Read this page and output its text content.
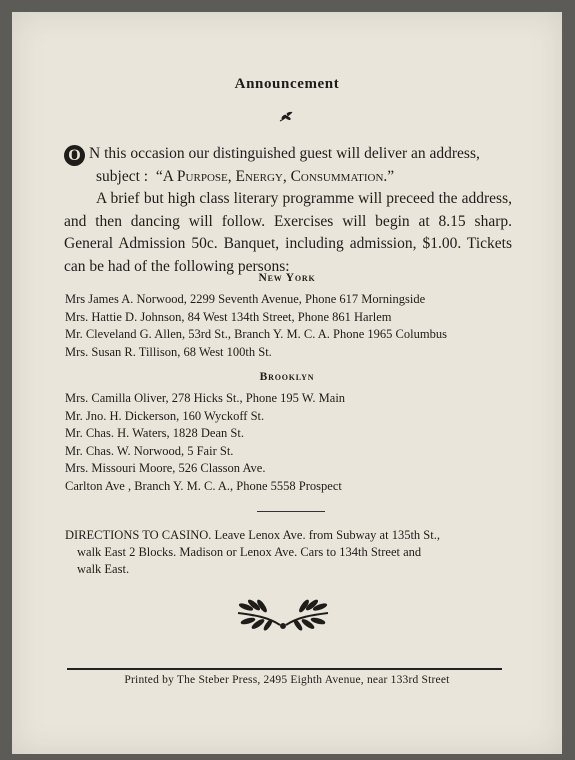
Announcement
O N this occasion our distinguished guest will deliver an address,

subject : “A Purpose, Energy, Consummation.”

A brief but high class literary programme will preceed the address, and then dancing will follow. Exercises will begin at 8.15 sharp. General Admission 50c. Banquet, including admission, $1.00. Tickets can be had of the following persons:

New York
Mrs James A. Norwood, 2299 Seventh Avenue, Phone 617 Morningside
Mrs. Hattie D. Johnson, 84 West 134th Street, Phone 861 Harlem
Mr. Cleveland G. Allen, 53rd St., Branch Y. M. C. A. Phone 1965 Columbus
Mrs. Susan R. Tillison, 68 West 100th St.
Brooklyn
Mrs. Camilla Oliver, 278 Hicks St., Phone 195 W. Main
Mr. Jno. H. Dickerson, 160 Wyckoff St.
Mr. Chas. H. Waters, 1828 Dean St.
Mr. Chas. W. Norwood, 5 Fair St.
Mrs. Missouri Moore, 526 Classon Ave.
Carlton Ave , Branch Y. M. C. A., Phone 5558 Prospect
DIRECTIONS TO CASINO. Leave Lenox Ave. from Subway at 135th St.,
walk East 2 Blocks. Madison or Lenox Ave. Cars to 134th Street and
walk East.
Printed by The Steber Press, 2495 Eighth Avenue, near 133rd Street
